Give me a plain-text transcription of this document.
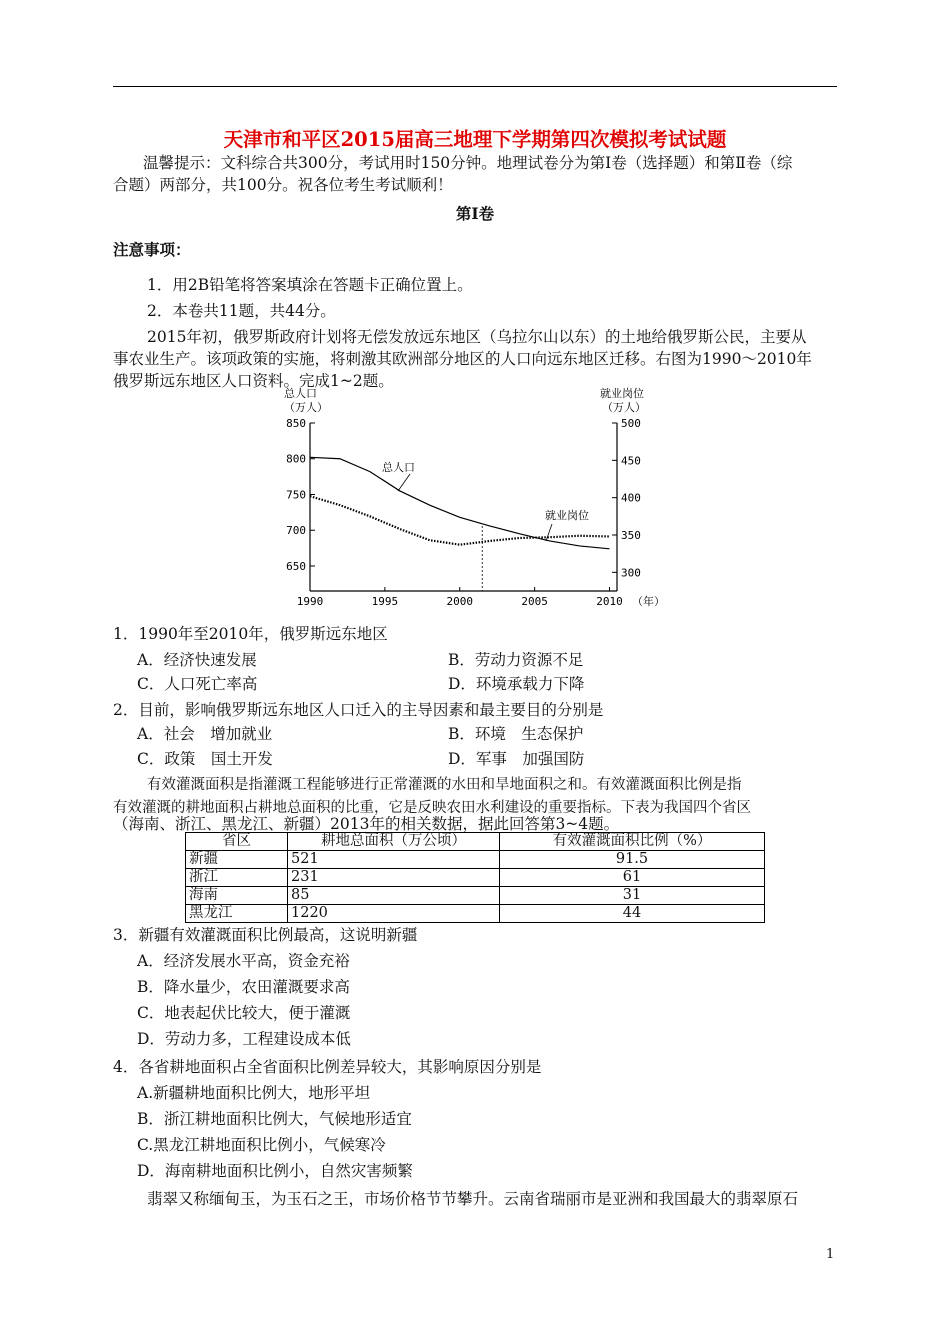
天津市和平区2015届高三地理下学期第四次模拟考试试题
温馨提示：文科综合共300分，考试用时150分钟。地理试卷分为第Ⅰ卷（选择题）和第Ⅱ卷（综
合题）两部分，共100分。祝各位考生考试顺利！
第Ⅰ卷
注意事项：
1．用2B铅笔将答案填涂在答题卡正确位置上。
2．本卷共11题，共44分。
2015年初，俄罗斯政府计划将无偿发放远东地区（乌拉尔山以东）的土地给俄罗斯公民，主要从
事农业生产。该项政策的实施，将刺激其欧洲部分地区的人口向远东地区迁移。右图为1990～2010年
俄罗斯远东地区人口资料。完成1~2题。
总人口
（万人）
就业岗位
（万人）
850
800
750
700
650
500
450
400
350
300
1990	1995	2000	2005	2010
总人口
就业岗位
（年）
1．1990年至2010年，俄罗斯远东地区
A．经济快速发展	B．劳动力资源不足
C．人口死亡率高	D．环境承载力下降
2．目前，影响俄罗斯远东地区人口迁入的主导因素和最主要目的分别是
A．社会　增加就业	B．环境　生态保护
C．政策　国土开发	D．军事　加强国防
有效灌溉面积是指灌溉工程能够进行正常灌溉的水田和旱地面积之和。有效灌溉面积比例是指
有效灌溉的耕地面积占耕地总面积的比重，它是反映农田水利建设的重要指标。下表为我国四个省区
（海南、浙江、黑龙江、新疆）2013年的相关数据，据此回答第3~4题。
省区	耕地总面积（万公顷）	有效灌溉面积比例（%）
新疆	521	91.5
浙江	231	61
海南	85	31
黑龙江	1220	44
3．新疆有效灌溉面积比例最高，这说明新疆
A．经济发展水平高，资金充裕
B．降水量少，农田灌溉要求高
C．地表起伏比较大，便于灌溉
D．劳动力多，工程建设成本低
4．各省耕地面积占全省面积比例差异较大，其影响原因分别是
A.新疆耕地面积比例大，地形平坦
B．浙江耕地面积比例大，气候地形适宜
C.黑龙江耕地面积比例小，气候寒冷
D．海南耕地面积比例小，自然灾害频繁
翡翠又称缅甸玉，为玉石之王，市场价格节节攀升。云南省瑞丽市是亚洲和我国最大的翡翠原石
1
